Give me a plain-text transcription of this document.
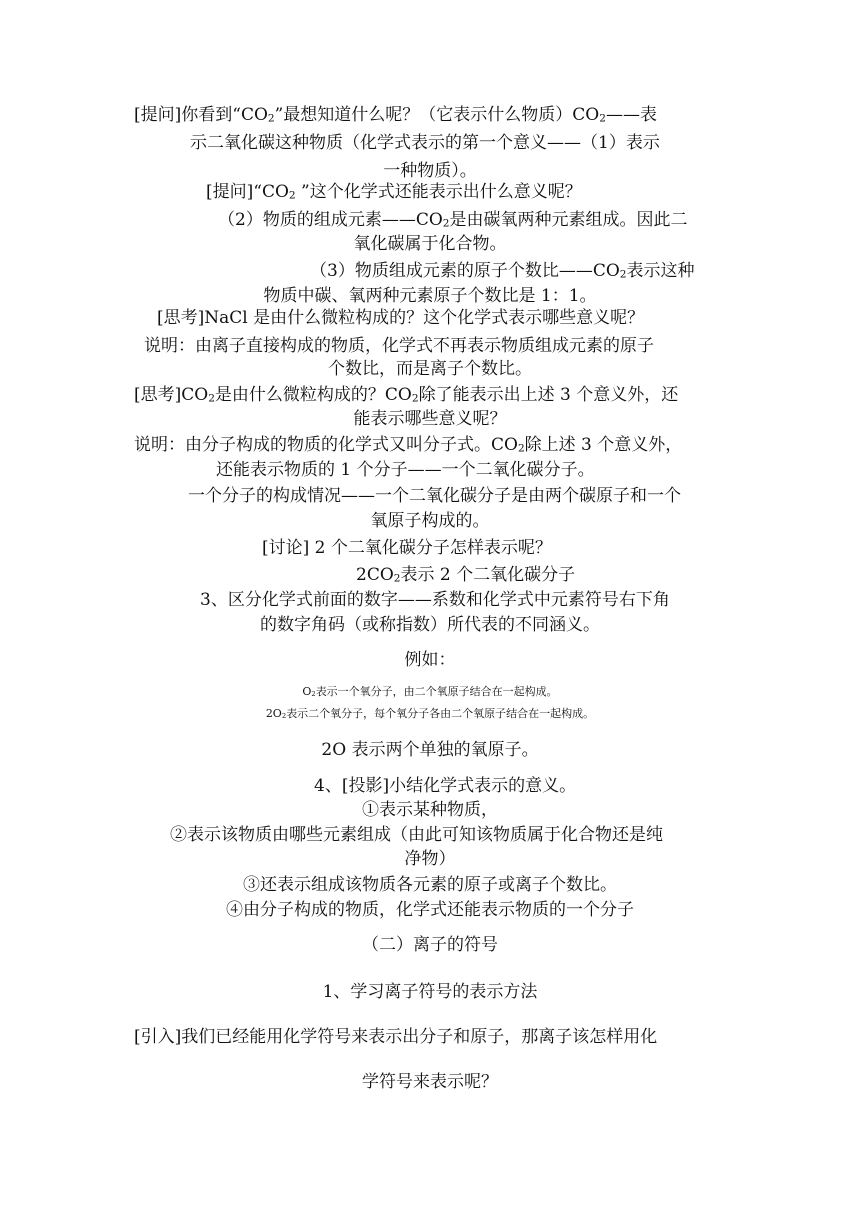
[提问]你看到“$CO_2$”最想知道什么呢？（它表示什么物质）$CO_2——$表
示二氧化碳这种物质（化学式表示的第一个意义——（1）表示
一种物质）。
[提问]“$CO_2$ ”这个化学式还能表示出什么意义呢？
（2）物质的组成元素$——CO_2$是由碳氧两种元素组成。因此二
氧化碳属于化合物。
（3）物质组成元素的原子个数比$——CO_2$表示这种
物质中碳、氧两种元素原子个数比是 1：1。
[思考]NaCl 是由什么微粒构成的？这个化学式表示哪些意义呢？
说明：由离子直接构成的物质，化学式不再表示物质组成元素的原子
个数比，而是离子个数比。
[思考]$CO_2$是由什么微粒构成的？$CO_2$除了能表示出上述 3 个意义外，还
能表示哪些意义呢？
说明：由分子构成的物质的化学式又叫分子式。$CO_2$除上述 3 个意义外，
还能表示物质的 1 个分子——一个二氧化碳分子。
一个分子的构成情况——一个二氧化碳分子是由两个碳原子和一个
氧原子构成的。
[讨论] 2 个二氧化碳分子怎样表示呢？
$2CO_2$表示 2 个二氧化碳分子
3、区分化学式前面的数字——系数和化学式中元素符号右下角
的数字角码（或称指数）所代表的不同涵义。
例如：
$O_2$表示一个氧分子，由二个氧原子结合在一起构成。
$2O_2$表示二个氧分子，每个氧分子各由二个氧原子结合在一起构成。
2O 表示两个单独的氧原子。
4、[投影]小结化学式表示的意义。
①表示某种物质，
②表示该物质由哪些元素组成（由此可知该物质属于化合物还是纯
净物）
③还表示组成该物质各元素的原子或离子个数比。
④由分子构成的物质，化学式还能表示物质的一个分子
（二）离子的符号
1、学习离子符号的表示方法
[引入]我们已经能用化学符号来表示出分子和原子，那离子该怎样用化
学符号来表示呢？
